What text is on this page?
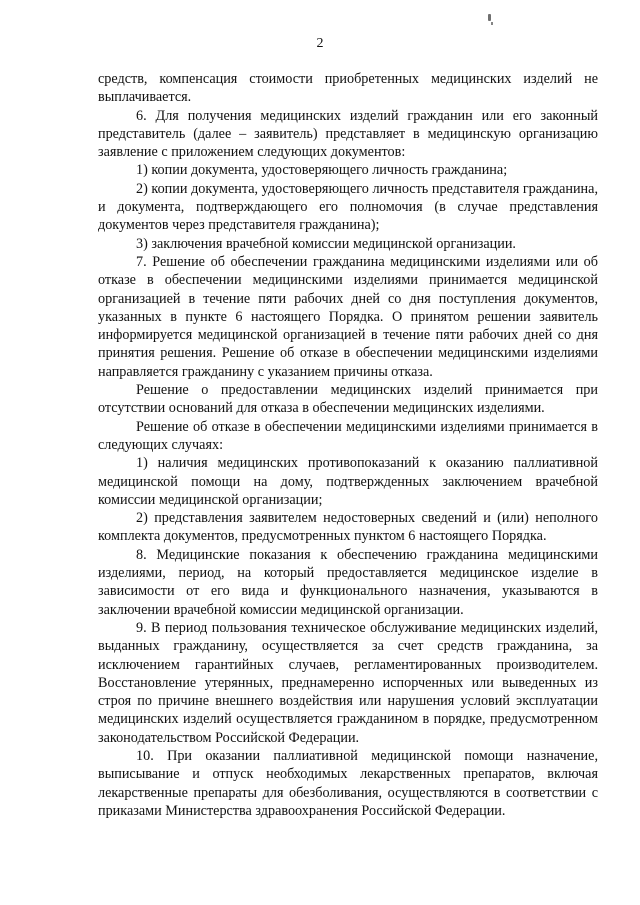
2

средств, компенсация стоимости приобретенных медицинских изделий не выплачивается.

6. Для получения медицинских изделий гражданин или его законный представитель (далее – заявитель) представляет в медицинскую организацию заявление с приложением следующих документов:

1) копии документа, удостоверяющего личность гражданина;

2) копии документа, удостоверяющего личность представителя гражданина, и документа, подтверждающего его полномочия (в случае представления документов через представителя гражданина);

3) заключения врачебной комиссии медицинской организации.

7. Решение об обеспечении гражданина медицинскими изделиями или об отказе в обеспечении медицинскими изделиями принимается медицинской организацией в течение пяти рабочих дней со дня поступления документов, указанных в пункте 6 настоящего Порядка. О принятом решении заявитель информируется медицинской организацией в течение пяти рабочих дней со дня принятия решения. Решение об отказе в обеспечении медицинскими изделиями направляется гражданину с указанием причины отказа.

Решение о предоставлении медицинских изделий принимается при отсутствии оснований для отказа в обеспечении медицинских изделиями.

Решение об отказе в обеспечении медицинскими изделиями принимается в следующих случаях:

1) наличия медицинских противопоказаний к оказанию паллиативной медицинской помощи на дому, подтвержденных заключением врачебной комиссии медицинской организации;

2) представления заявителем недостоверных сведений и (или) неполного комплекта документов, предусмотренных пунктом 6 настоящего Порядка.

8. Медицинские показания к обеспечению гражданина медицинскими изделиями, период, на который предоставляется медицинское изделие в зависимости от его вида и функционального назначения, указываются в заключении врачебной комиссии медицинской организации.

9. В период пользования техническое обслуживание медицинских изделий, выданных гражданину, осуществляется за счет средств гражданина, за исключением гарантийных случаев, регламентированных производителем. Восстановление утерянных, преднамеренно испорченных или выведенных из строя по причине внешнего воздействия или нарушения условий эксплуатации медицинских изделий осуществляется гражданином в порядке, предусмотренном законодательством Российской Федерации.

10. При оказании паллиативной медицинской помощи назначение, выписывание и отпуск необходимых лекарственных препаратов, включая лекарственные препараты для обезболивания, осуществляются в соответствии с приказами Министерства здравоохранения Российской Федерации.
